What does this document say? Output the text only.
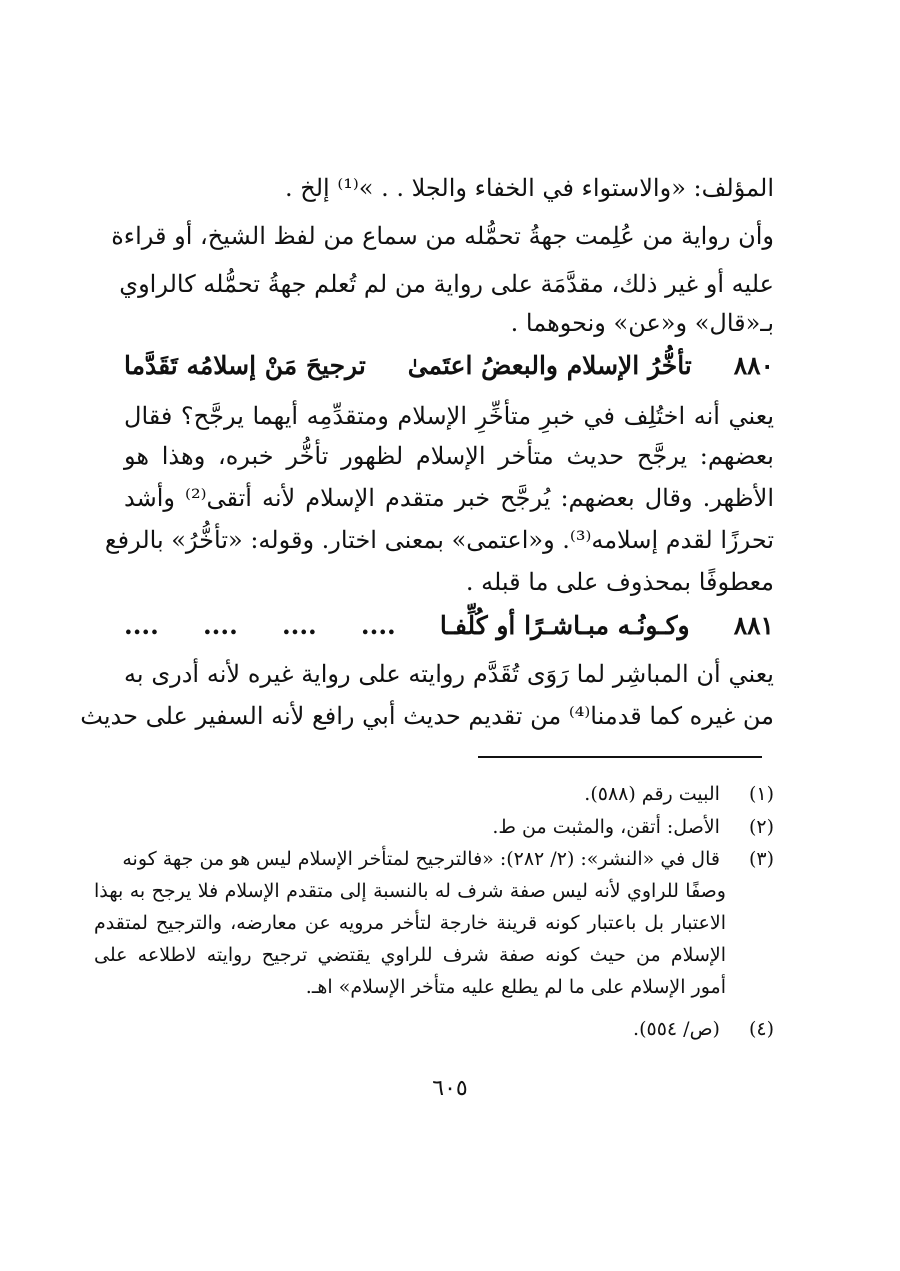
المؤلف: «والاستواء في الخفاء والجلا . . »⁽¹⁾ إلخ .
وأن رواية من عُلِمت جهةُ تحمُّله من سماع من لفظ الشيخ، أو قراءة
عليه أو غير ذلك، مقدَّمَة على رواية من لم تُعلم جهةُ تحمُّله كالراوي
بـ«قال» و«عن» ونحوهما .
٨٨٠
تأخُّرُ الإسلام والبعضُ اعتَمىٰ
ترجيحَ مَنْ إسلامُه تَقَدَّما
يعني أنه اختُلِف في خبرِ متأخِّرِ الإسلام ومتقدِّمِه أيهما يرجَّح؟ فقال
بعضهم: يرجَّح حديث متأخر الإسلام لظهور تأخُّر خبره، وهذا هو
الأظهر. وقال بعضهم: يُرجَّح خبر متقدم الإسلام لأنه أتقى⁽²⁾ وأشد
تحرزًا لقدم إسلامه⁽³⁾. و«اعتمى» بمعنى اختار. وقوله: «تأخُّرُ» بالرفع
معطوفًا بمحذوف على ما قبله .
٨٨١
وكـونُـه مبـاشـرًا أو كُلِّفـا
....
....
....
....
يعني أن المباشِر لما رَوَى تُقَدَّم روايته على رواية غيره لأنه أدرى به
من غيره كما قدمنا⁽⁴⁾ من تقديم حديث أبي رافع لأنه السفير على حديث
(١) البيت رقم (٥٨٨).
(٢) الأصل: أتقن، والمثبت من ط.
(٣) قال في «النشر»: (٢/ ٢٨٢): «فالترجيح لمتأخر الإسلام ليس هو من جهة كونه
وصفًا للراوي لأنه ليس صفة شرف له بالنسبة إلى متقدم الإسلام فلا يرجح به بهذا
الاعتبار بل باعتبار كونه قرينة خارجة لتأخر مرويه عن معارضه، والترجيح لمتقدم
الإسلام من حيث كونه صفة شرف للراوي يقتضي ترجيح روايته لاطلاعه على
أمور الإسلام على ما لم يطلع عليه متأخر الإسلام» اهـ.
(٤) (ص/ ٥٥٤).
٦٠٥
